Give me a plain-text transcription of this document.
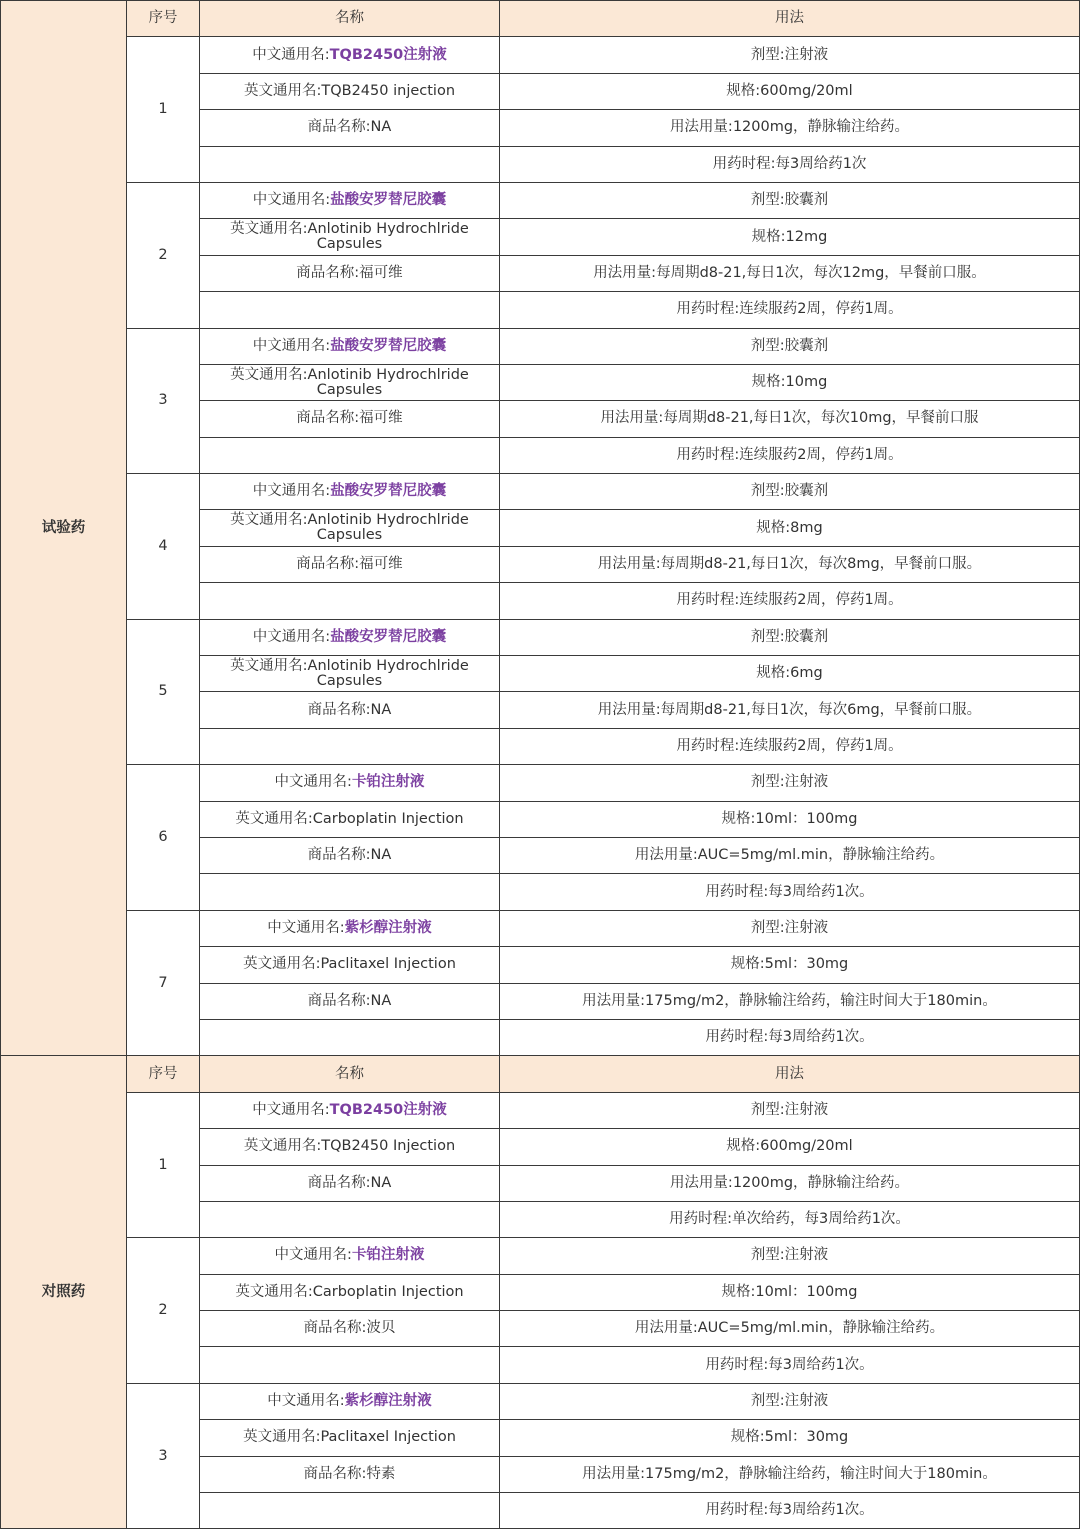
试验药	序号	名称	用法
	1	中文通用名:TQB2450注射液	剂型:注射液
		英文通用名:TQB2450 injection	规格:600mg/20ml
		商品名称:NA	用法用量:1200mg，静脉输注给药。
			用药时程:每3周给药1次
	2	中文通用名:盐酸安罗替尼胶囊	剂型:胶囊剂
		英文通用名:Anlotinib Hydrochlride Capsules	规格:12mg
		商品名称:福可维	用法用量:每周期d8-21,每日1次，每次12mg，早餐前口服。
			用药时程:连续服药2周，停药1周。
	3	中文通用名:盐酸安罗替尼胶囊	剂型:胶囊剂
		英文通用名:Anlotinib Hydrochlride Capsules	规格:10mg
		商品名称:福可维	用法用量:每周期d8-21,每日1次，每次10mg，早餐前口服
			用药时程:连续服药2周，停药1周。
	4	中文通用名:盐酸安罗替尼胶囊	剂型:胶囊剂
		英文通用名:Anlotinib Hydrochlride Capsules	规格:8mg
		商品名称:福可维	用法用量:每周期d8-21,每日1次，每次8mg，早餐前口服。
			用药时程:连续服药2周，停药1周。
	5	中文通用名:盐酸安罗替尼胶囊	剂型:胶囊剂
		英文通用名:Anlotinib Hydrochlride Capsules	规格:6mg
		商品名称:NA	用法用量:每周期d8-21,每日1次，每次6mg，早餐前口服。
			用药时程:连续服药2周，停药1周。
	6	中文通用名:卡铂注射液	剂型:注射液
		英文通用名:Carboplatin Injection	规格:10ml：100mg
		商品名称:NA	用法用量:AUC=5mg/ml.min，静脉输注给药。
			用药时程:每3周给药1次。
	7	中文通用名:紫杉醇注射液	剂型:注射液
		英文通用名:Paclitaxel Injection	规格:5ml：30mg
		商品名称:NA	用法用量:175mg/m2，静脉输注给药，输注时间大于180min。
			用药时程:每3周给药1次。
对照药	序号	名称	用法
	1	中文通用名:TQB2450注射液	剂型:注射液
		英文通用名:TQB2450 Injection	规格:600mg/20ml
		商品名称:NA	用法用量:1200mg，静脉输注给药。
			用药时程:单次给药，每3周给药1次。
	2	中文通用名:卡铂注射液	剂型:注射液
		英文通用名:Carboplatin Injection	规格:10ml：100mg
		商品名称:波贝	用法用量:AUC=5mg/ml.min，静脉输注给药。
			用药时程:每3周给药1次。
	3	中文通用名:紫杉醇注射液	剂型:注射液
		英文通用名:Paclitaxel Injection	规格:5ml：30mg
		商品名称:特素	用法用量:175mg/m2，静脉输注给药，输注时间大于180min。
			用药时程:每3周给药1次。
